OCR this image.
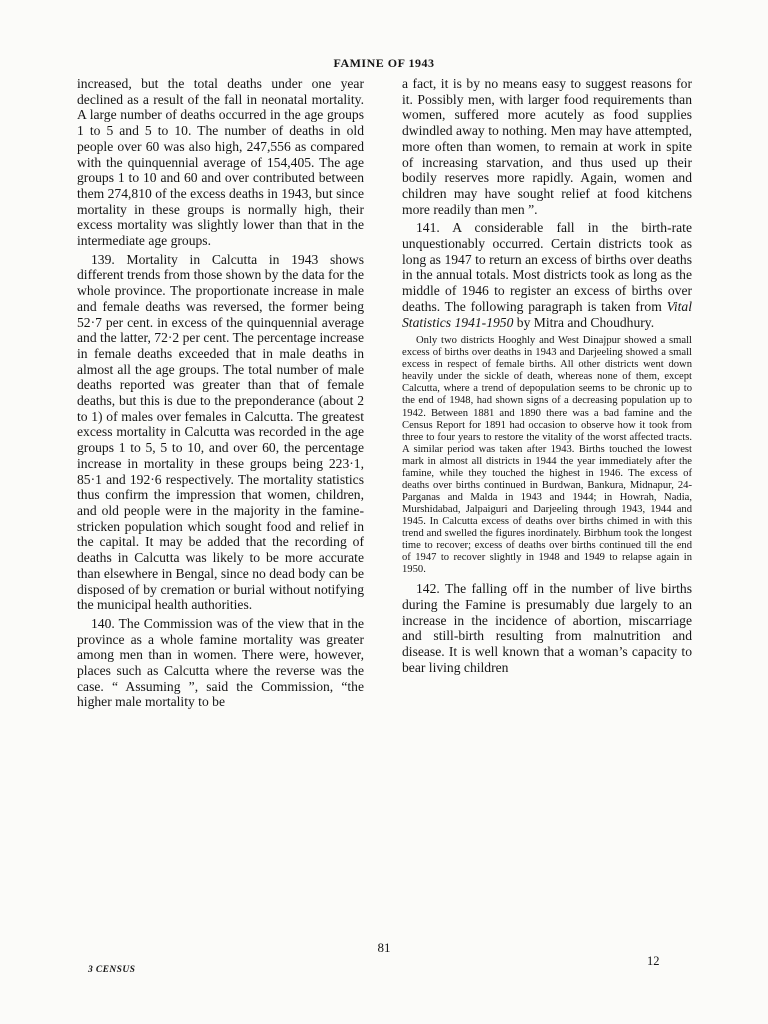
FAMINE OF 1943

increased, but the total deaths under one year declined as a result of the fall in neonatal mortality. A large number of deaths occurred in the age groups 1 to 5 and 5 to 10. The number of deaths in old people over 60 was also high, 247,556 as compared with the quinquennial average of 154,405. The age groups 1 to 10 and 60 and over contributed between them 274,810 of the excess deaths in 1943, but since mortality in these groups is normally high, their excess mortality was slightly lower than that in the intermediate age groups.

139. Mortality in Calcutta in 1943 shows different trends from those shown by the data for the whole province. The proportionate increase in male and female deaths was reversed, the former being 52·7 per cent. in excess of the quinquennial average and the latter, 72·2 per cent. The percentage increase in female deaths exceeded that in male deaths in almost all the age groups. The total number of male deaths reported was greater than that of female deaths, but this is due to the preponderance (about 2 to 1) of males over females in Calcutta. The greatest excess mortality in Calcutta was recorded in the age groups 1 to 5, 5 to 10, and over 60, the percentage increase in mortality in these groups being 223·1, 85·1 and 192·6 respectively. The mortality statistics thus confirm the impression that women, children, and old people were in the majority in the famine-stricken population which sought food and relief in the capital. It may be added that the recording of deaths in Calcutta was likely to be more accurate than elsewhere in Bengal, since no dead body can be disposed of by cremation or burial without notifying the municipal health authorities.

140. The Commission was of the view that in the province as a whole famine mortality was greater among men than in women. There were, however, places such as Calcutta where the reverse was the case. “ Assuming ”, said the Commission, “the higher male mortality to be

a fact, it is by no means easy to suggest reasons for it. Possibly men, with larger food requirements than women, suffered more acutely as food supplies dwindled away to nothing. Men may have attempted, more often than women, to remain at work in spite of increasing starvation, and thus used up their bodily reserves more rapidly. Again, women and children may have sought relief at food kitchens more readily than men ”.

141. A considerable fall in the birth-rate unquestionably occurred. Certain districts took as long as 1947 to return an excess of births over deaths in the annual totals. Most districts took as long as the middle of 1946 to register an excess of births over deaths. The following paragraph is taken from Vital Statistics 1941-1950 by Mitra and Choudhury.

Only two districts Hooghly and West Dinajpur showed a small excess of births over deaths in 1943 and Darjeeling showed a small excess in respect of female births. All other districts went down heavily under the sickle of death, whereas none of them, except Calcutta, where a trend of depopulation seems to be chronic up to the end of 1948, had shown signs of a decreasing population up to 1942. Between 1881 and 1890 there was a bad famine and the Census Report for 1891 had occasion to observe how it took from three to four years to restore the vitality of the worst affected tracts. A similar period was taken after 1943. Births touched the lowest mark in almost all districts in 1944 the year immediately after the famine, while they touched the highest in 1946. The excess of deaths over births continued in Burdwan, Bankura, Midnapur, 24-Parganas and Malda in 1943 and 1944; in Howrah, Nadia, Murshidabad, Jalpaiguri and Darjeeling through 1943, 1944 and 1945. In Calcutta excess of deaths over births chimed in with this trend and swelled the figures inordinately. Birbhum took the longest time to recover; excess of deaths over births continued till the end of 1947 to recover slightly in 1948 and 1949 to relapse again in 1950.

142. The falling off in the number of live births during the Famine is presumably due largely to an increase in the incidence of abortion, miscarriage and still-birth resulting from malnutrition and disease. It is well known that a woman’s capacity to bear living children

81
3 CENSUS
12
